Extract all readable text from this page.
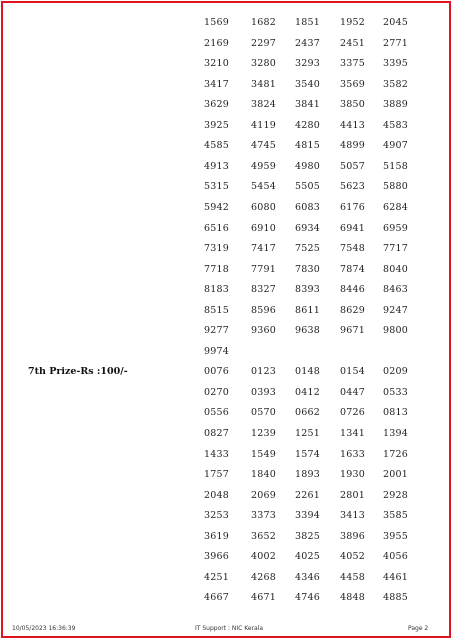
1569 1682 1851 1952 2045
2169 2297 2437 2451 2771
3210 3280 3293 3375 3395
3417 3481 3540 3569 3582
3629 3824 3841 3850 3889
3925 4119 4280 4413 4583
4585 4745 4815 4899 4907
4913 4959 4980 5057 5158
5315 5454 5505 5623 5880
5942 6080 6083 6176 6284
6516 6910 6934 6941 6959
7319 7417 7525 7548 7717
7718 7791 7830 7874 8040
8183 8327 8393 8446 8463
8515 8596 8611 8629 9247
9277 9360 9638 9671 9800
9974
0076 0123 0148 0154 0209
0270 0393 0412 0447 0533
0556 0570 0662 0726 0813
0827 1239 1251 1341 1394
1433 1549 1574 1633 1726
1757 1840 1893 1930 2001
2048 2069 2261 2801 2928
3253 3373 3394 3413 3585
3619 3652 3825 3896 3955
3966 4002 4025 4052 4056
4251 4268 4346 4458 4461
4667 4671 4746 4848 4885
7th Prize-Rs :100/-
10/05/2023 16:36:39	IT Support : NIC Kerala	Page 2
